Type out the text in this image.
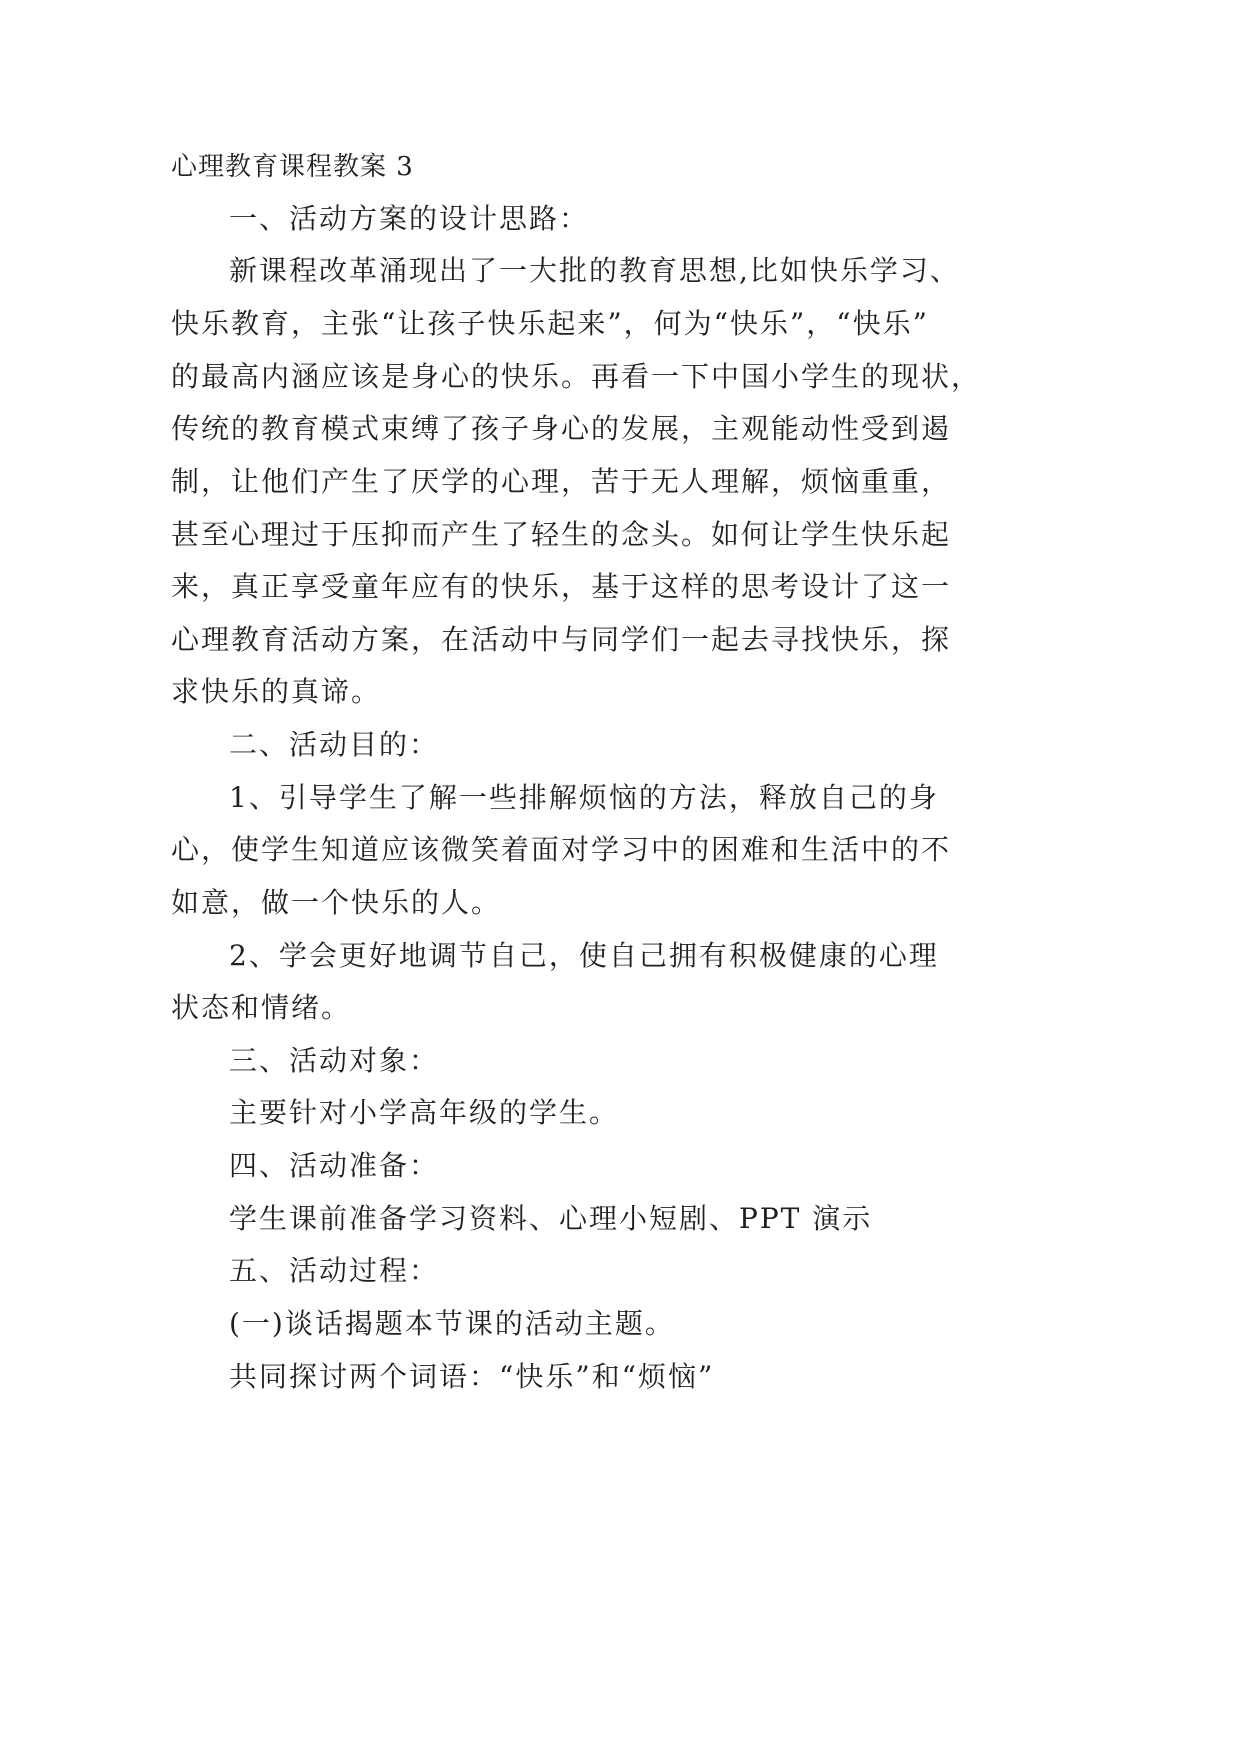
心理教育课程教案 3
一、活动方案的设计思路：
新课程改革涌现出了一大批的教育思想,比如快乐学习、
快乐教育，主张“让孩子快乐起来”，何为“快乐”，“快乐”
的最高内涵应该是身心的快乐。再看一下中国小学生的现状，
传统的教育模式束缚了孩子身心的发展，主观能动性受到遏
制，让他们产生了厌学的心理，苦于无人理解，烦恼重重，
甚至心理过于压抑而产生了轻生的念头。如何让学生快乐起
来，真正享受童年应有的快乐，基于这样的思考设计了这一
心理教育活动方案，在活动中与同学们一起去寻找快乐，探
求快乐的真谛。
二、活动目的：
1、引导学生了解一些排解烦恼的方法，释放自己的身
心，使学生知道应该微笑着面对学习中的困难和生活中的不
如意，做一个快乐的人。
2、学会更好地调节自己，使自己拥有积极健康的心理
状态和情绪。
三、活动对象：
主要针对小学高年级的学生。
四、活动准备：
学生课前准备学习资料、心理小短剧、PPT 演示
五、活动过程：
(一)谈话揭题本节课的活动主题。
共同探讨两个词语：“快乐”和“烦恼”
